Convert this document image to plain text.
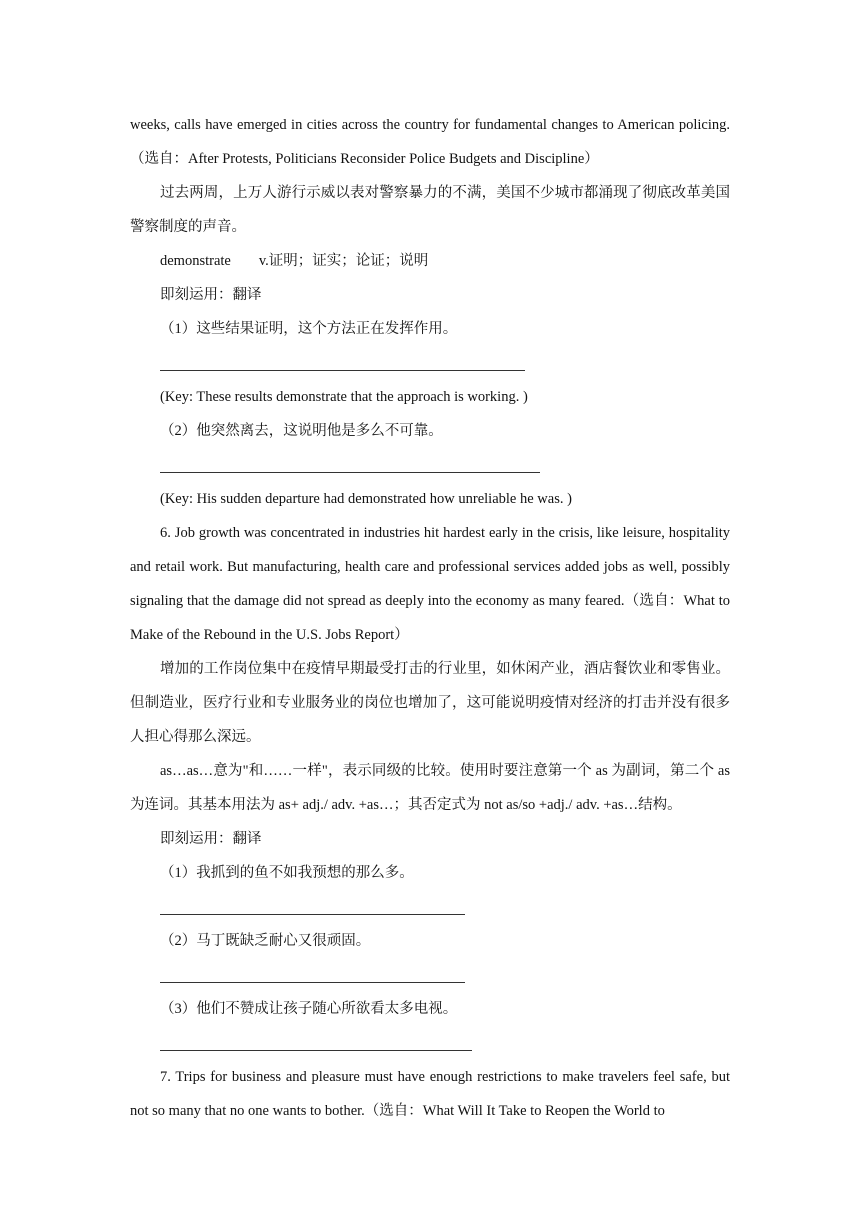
weeks, calls have emerged in cities across the country for fundamental changes to American policing.（选自：After Protests, Politicians Reconsider Police Budgets and Discipline）

过去两周，上万人游行示威以表对警察暴力的不满，美国不少城市都涌现了彻底改革美国警察制度的声音。

demonstrate v.证明；证实；论证；说明

即刻运用：翻译

（1）这些结果证明，这个方法正在发挥作用。

(Key: These results demonstrate that the approach is working. )

（2）他突然离去，这说明他是多么不可靠。

(Key: His sudden departure had demonstrated how unreliable he was. )

6. Job growth was concentrated in industries hit hardest early in the crisis, like leisure, hospitality and retail work. But manufacturing, health care and professional services added jobs as well, possibly signaling that the damage did not spread as deeply into the economy as many feared.（选自：What to Make of the Rebound in the U.S. Jobs Report）

增加的工作岗位集中在疫情早期最受打击的行业里，如休闲产业，酒店餐饮业和零售业。但制造业，医疗行业和专业服务业的岗位也增加了，这可能说明疫情对经济的打击并没有很多人担心得那么深远。

as…as…意为"和……一样"，表示同级的比较。使用时要注意第一个 as 为副词，第二个 as 为连词。其基本用法为 as+ adj./ adv. +as…；其否定式为 not as/so +adj./ adv. +as…结构。

即刻运用：翻译

（1）我抓到的鱼不如我预想的那么多。

（2）马丁既缺乏耐心又很顽固。

（3）他们不赞成让孩子随心所欲看太多电视。

7. Trips for business and pleasure must have enough restrictions to make travelers feel safe, but not so many that no one wants to bother.（选自：What Will It Take to Reopen the World to
